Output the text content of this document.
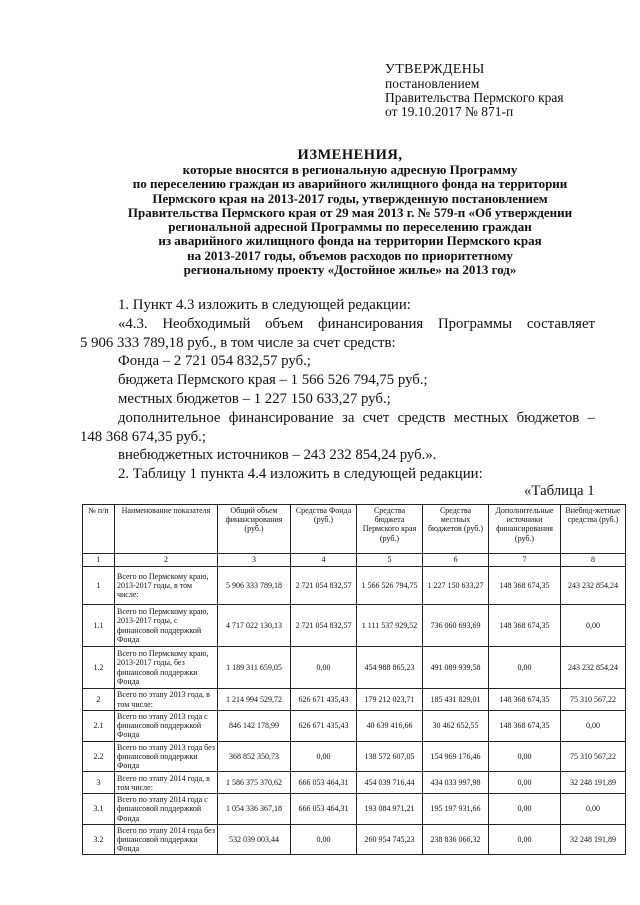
УТВЕРЖДЕНЫ
постановлением
Правительства Пермского края
от 19.10.2017 № 871-п
ИЗМЕНЕНИЯ,
которые вносятся в региональную адресную Программу
по переселению граждан из аварийного жилищного фонда на территории
Пермского края на 2013-2017 годы, утвержденную постановлением
Правительства Пермского края от 29 мая 2013 г. № 579-п «Об утверждении
региональной адресной Программы по переселению граждан
из аварийного жилищного фонда на территории Пермского края
на 2013-2017 годы, объемов расходов по приоритетному
региональному проекту «Достойное жилье» на 2013 год»
1. Пункт 4.3 изложить в следующей редакции:
«4.3. Необходимый объем финансирования Программы составляет
5 906 333 789,18 руб., в том числе за счет средств:
Фонда – 2 721 054 832,57 руб.;
бюджета Пермского края – 1 566 526 794,75 руб.;
местных бюджетов – 1 227 150 633,27 руб.;
дополнительное финансирование за счет средств местных бюджетов –
148 368 674,35 руб.;
внебюджетных источников – 243 232 854,24 руб.».
2. Таблицу 1 пункта 4.4 изложить в следующей редакции:
«Таблица 1
№ п/п	Наименование показателя	Общий объем финансирования (руб.)	Средства Фонда (руб.)	Средства бюджета Пермского края (руб.)	Средства местных бюджетов (руб.)	Дополнительные источники финансирования (руб.)	Внебюд-жетные средства (руб.)
1	2	3	4	5	6	7	8
1	Всего по Пермскому краю, 2013-2017 годы, в том числе:	5 906 333 789,18	2 721 054 832,57	1 566 526 794,75	1 227 150 633,27	148 368 674,35	243 232 854,24
1.1	Всего по Пермскому краю, 2013-2017 годы, с финансовой поддержкой Фонда	4 717 022 130,13	2 721 054 832,57	1 111 537 929,52	736 060 693,69	148 368 674,35	0,00
1.2	Всего по Пермскому краю, 2013-2017 годы, без финансовой поддержки Фонда	1 189 311 659,05	0,00	454 988 865,23	491 089 939,58	0,00	243 232 854,24
2	Всего по этапу 2013 года, в том числе:	1 214 994 529,72	626 671 435,43	179 212 023,71	185 431 829,01	148 368 674,35	75 310 567,22
2.1	Всего по этапу 2013 года с финансовой поддержкой Фонда	846 142 178,99	626 671 435,43	40 639 416,66	30 462 652,55	148 368 674,35	0,00
2.2	Всего по этапу 2013 года без финансовой поддержки Фонда	368 852 350,73	0,00	138 572 607,05	154 969 176,46	0,00	75 310 567,22
3	Всего по этапу 2014 года, в том числе:	1 586 375 370,62	666 053 464,31	454 039 716,44	434 033 997,98	0,00	32 248 191,89
3.1	Всего по этапу 2014 года с финансовой поддержкой Фонда	1 054 336 367,18	666 053 464,31	193 084 971,21	195 197 931,66	0,00	0,00
3.2	Всего по этапу 2014 года без финансовой поддержки Фонда	532 039 003,44	0,00	260 954 745,23	238 836 066,32	0,00	32 248 191,89
